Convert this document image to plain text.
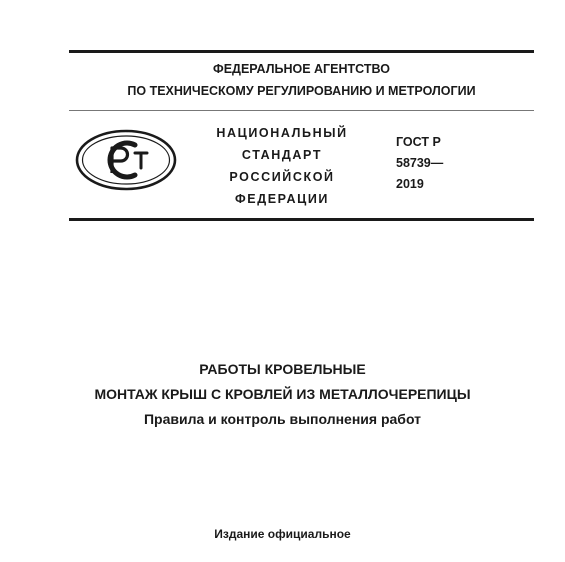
ФЕДЕРАЛЬНОЕ АГЕНТСТВО
ПО ТЕХНИЧЕСКОМУ РЕГУЛИРОВАНИЮ И МЕТРОЛОГИИ
НАЦИОНАЛЬНЫЙ
СТАНДАРТ
РОССИЙСКОЙ
ФЕДЕРАЦИИ
ГОСТ Р
58739—
2019
РАБОТЫ КРОВЕЛЬНЫЕ
МОНТАЖ КРЫШ С КРОВЛЕЙ ИЗ МЕТАЛЛОЧЕРЕПИЦЫ
Правила и контроль выполнения работ
Издание официальное
